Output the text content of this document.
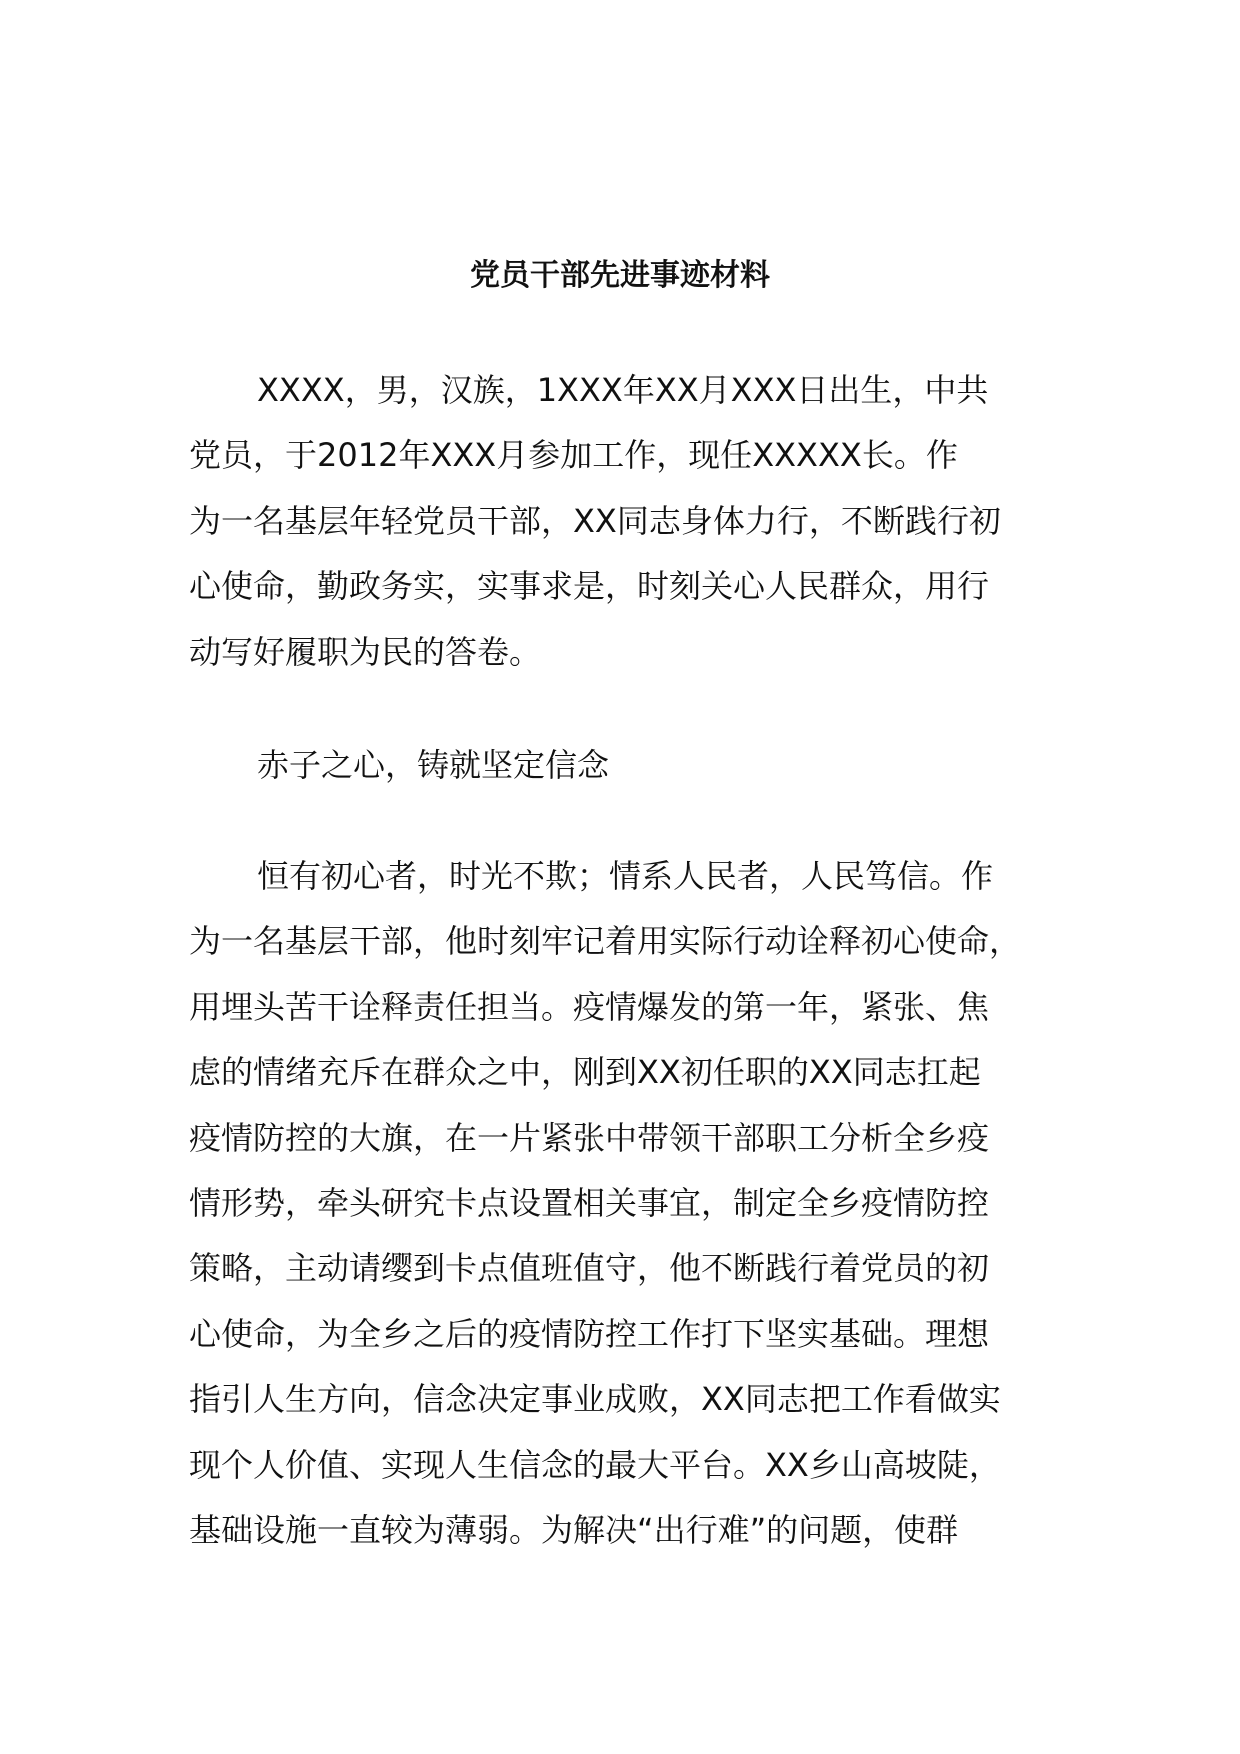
党员干部先进事迹材料
XXXX，男，汉族，1XXX年XX月XXX日出生，中共
党员，于2012年XXX月参加工作，现任XXXXX长。作
为一名基层年轻党员干部，XX同志身体力行，不断践行初
心使命，勤政务实，实事求是，时刻关心人民群众，用行
动写好履职为民的答卷。
赤子之心，铸就坚定信念
恒有初心者，时光不欺；情系人民者，人民笃信。作
为一名基层干部，他时刻牢记着用实际行动诠释初心使命，
用埋头苦干诠释责任担当。疫情爆发的第一年，紧张、焦
虑的情绪充斥在群众之中，刚到XX初任职的XX同志扛起
疫情防控的大旗，在一片紧张中带领干部职工分析全乡疫
情形势，牵头研究卡点设置相关事宜，制定全乡疫情防控
策略，主动请缨到卡点值班值守，他不断践行着党员的初
心使命，为全乡之后的疫情防控工作打下坚实基础。理想
指引人生方向，信念决定事业成败，XX同志把工作看做实
现个人价值、实现人生信念的最大平台。XX乡山高坡陡，
基础设施一直较为薄弱。为解决“出行难”的问题，使群
